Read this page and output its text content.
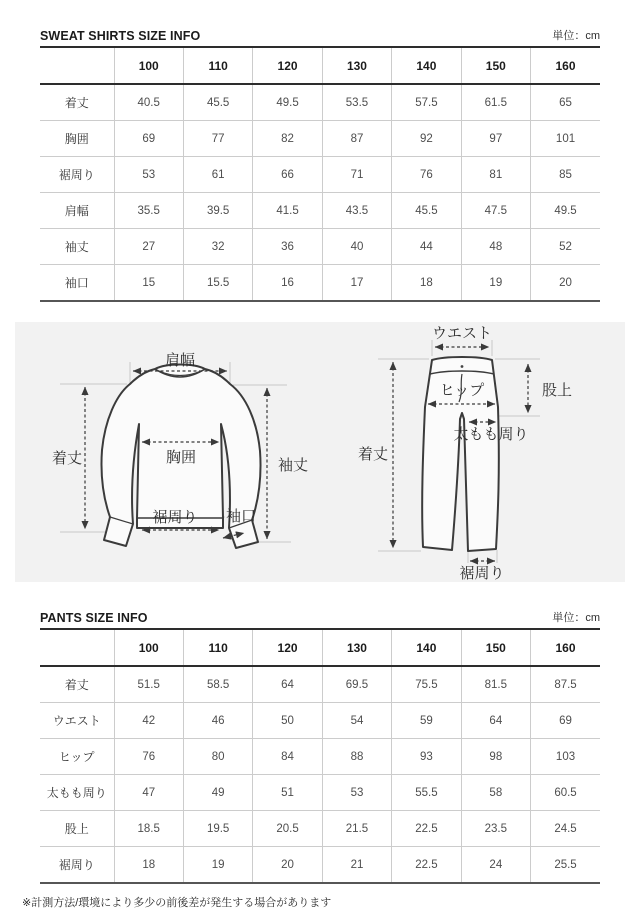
SWEAT SHIRTS SIZE INFO	単位：cm
	100	110	120	130	140	150	160
着丈	40.5	45.5	49.5	53.5	57.5	61.5	65
胸囲	69	77	82	87	92	97	101
裾周り	53	61	66	71	76	81	85
肩幅	35.5	39.5	41.5	43.5	45.5	47.5	49.5
袖丈	27	32	36	40	44	48	52
袖口	15	15.5	16	17	18	19	20
肩幅
着丈	胸囲	袖丈
裾周り 袖口
ウエスト
ヒップ	股上
太もも周り
着丈
裾周り
PANTS SIZE INFO	単位：cm
	100	110	120	130	140	150	160
着丈	51.5	58.5	64	69.5	75.5	81.5	87.5
ウエスト	42	46	50	54	59	64	69
ヒップ	76	80	84	88	93	98	103
太もも周り	47	49	51	53	55.5	58	60.5
股上	18.5	19.5	20.5	21.5	22.5	23.5	24.5
裾周り	18	19	20	21	22.5	24	25.5
※計測方法/環境により多少の前後差が発生する場合があります
